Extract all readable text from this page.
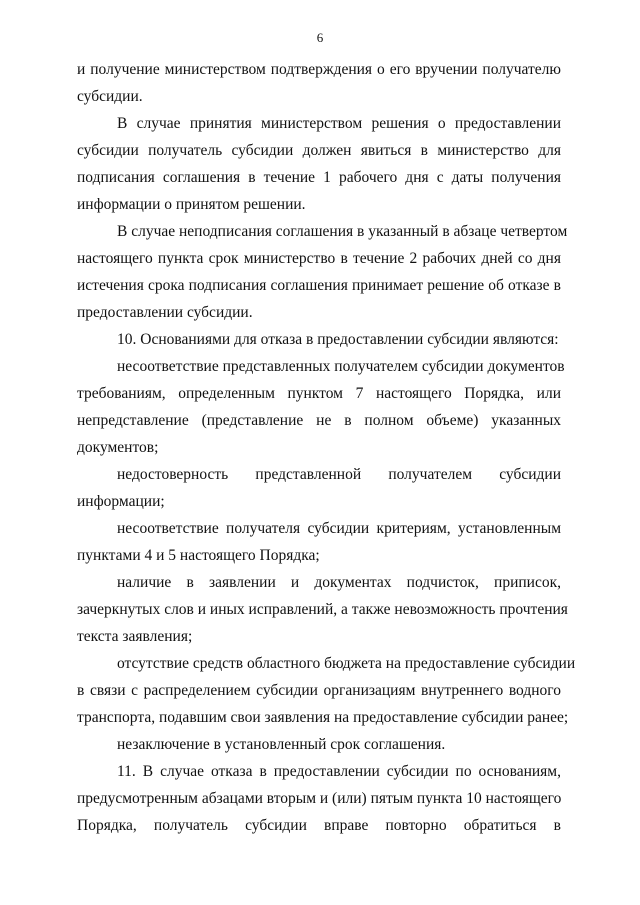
6
и получение министерством подтверждения о его вручении получателю
субсидии.
В случае принятия министерством решения о предоставлении
субсидии получатель субсидии должен явиться в министерство для
подписания соглашения в течение 1 рабочего дня с даты получения
информации о принятом решении.
В случае неподписания соглашения в указанный в абзаце четвертом
настоящего пункта срок министерство в течение 2 рабочих дней со дня
истечения срока подписания соглашения принимает решение об отказе в
предоставлении субсидии.
10. Основаниями для отказа в предоставлении субсидии являются:
несоответствие представленных получателем субсидии документов
требованиям, определенным пунктом 7 настоящего Порядка, или
непредставление (представление не в полном объеме) указанных
документов;
недостоверность представленной получателем субсидии
информации;
несоответствие получателя субсидии критериям, установленным
пунктами 4 и 5 настоящего Порядка;
наличие в заявлении и документах подчисток, приписок,
зачеркнутых слов и иных исправлений, а также невозможность прочтения
текста заявления;
отсутствие средств областного бюджета на предоставление субсидии
в связи с распределением субсидии организациям внутреннего водного
транспорта, подавшим свои заявления на предоставление субсидии ранее;
незаключение в установленный срок соглашения.
11. В случае отказа в предоставлении субсидии по основаниям,
предусмотренным абзацами вторым и (или) пятым пункта 10 настоящего
Порядка, получатель субсидии вправе повторно обратиться в
